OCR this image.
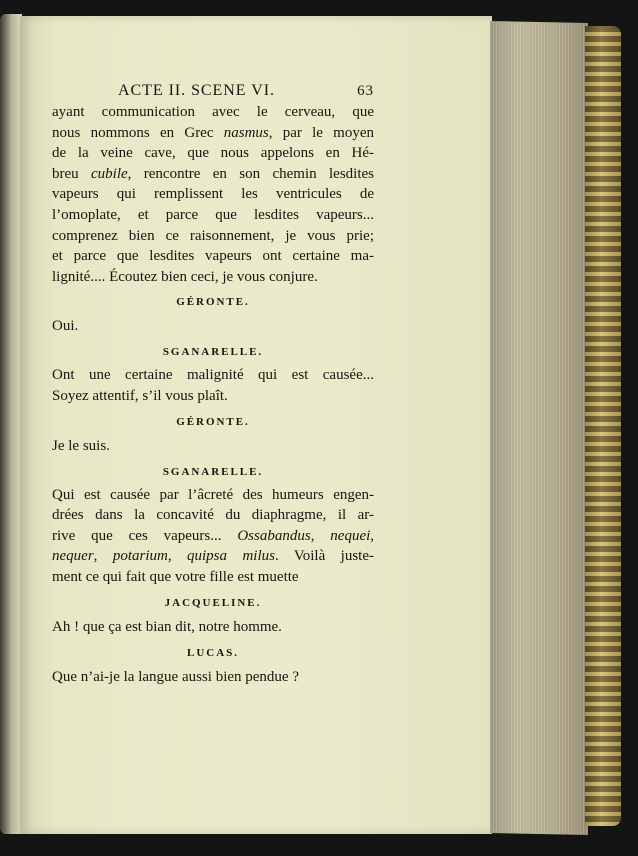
ACTE II. SCENE VI.	63

ayant communication avec le cerveau, que
nous nommons en Grec nasmus, par le moyen
de la veine cave, que nous appelons en Hé-
breu cubile, rencontre en son chemin lesdites
vapeurs qui remplissent les ventricules de
l’omoplate, et parce que lesdites vapeurs...
comprenez bien ce raisonnement, je vous prie;
et parce que lesdites vapeurs ont certaine ma-
lignité.... Écoutez bien ceci, je vous conjure.

GÉRONTE.

Oui.

SGANARELLE.

Ont une certaine malignité qui est causée...
Soyez attentif, s’il vous plaît.

GÉRONTE.

Je le suis.

SGANARELLE.

Qui est causée par l’âcreté des humeurs engen-
drées dans la concavité du diaphragme, il ar-
rive que ces vapeurs... Ossabandus, nequei,
nequer, potarium, quipsa milus. Voilà juste-
ment ce qui fait que votre fille est muette

JACQUELINE.

Ah ! que ça est bian dit, notre homme.

LUCAS.

Que n’ai-je la langue aussi bien pendue ?
